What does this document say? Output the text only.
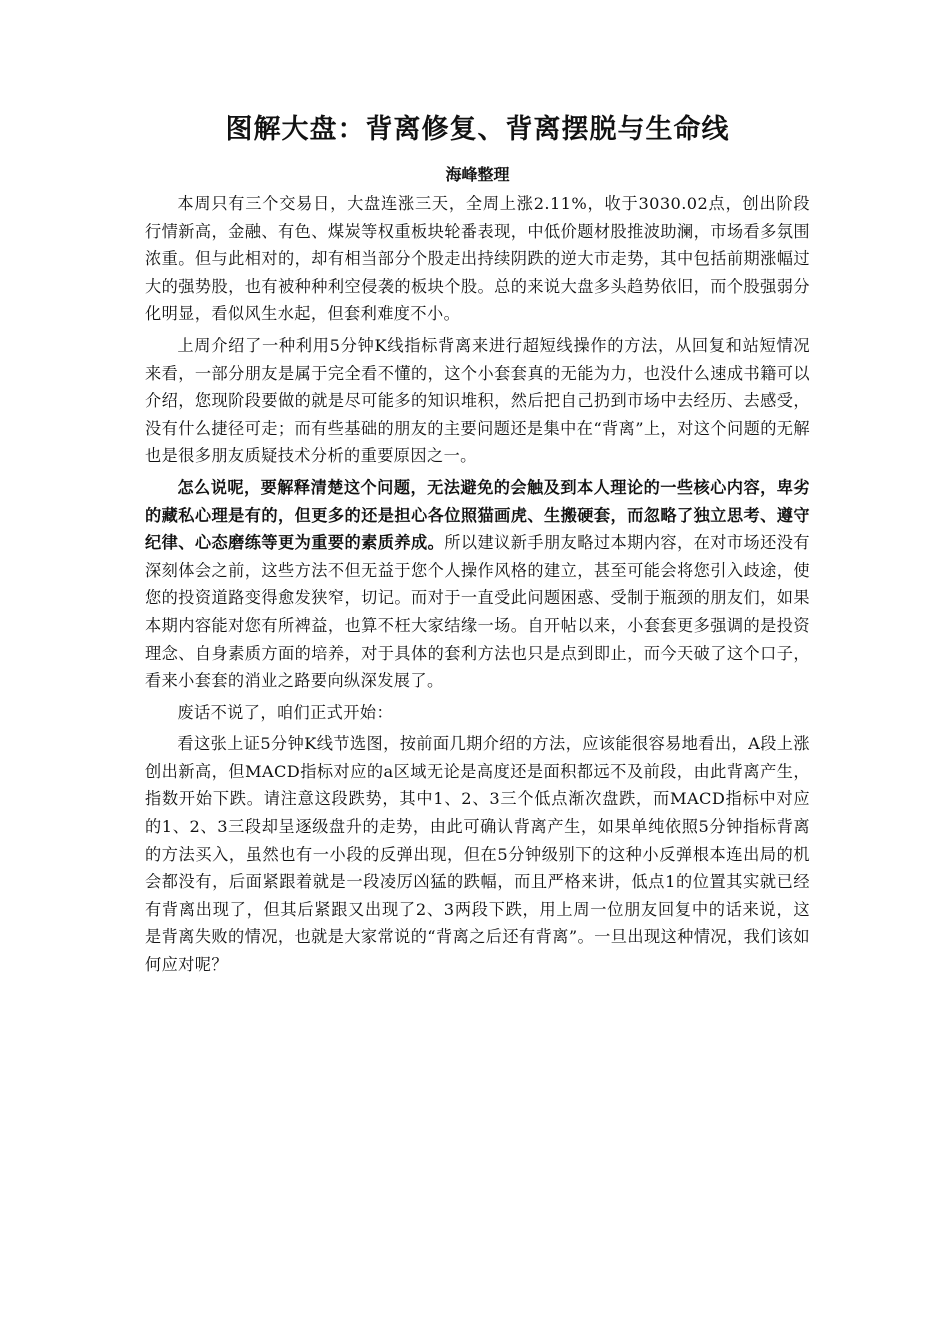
图解大盘：背离修复、背离摆脱与生命线
海峰整理

本周只有三个交易日，大盘连涨三天，全周上涨2.11%，收于3030.02点，创出阶段行情新高，金融、有色、煤炭等权重板块轮番表现，中低价题材股推波助澜，市场看多氛围浓重。但与此相对的，却有相当部分个股走出持续阴跌的逆大市走势，其中包括前期涨幅过大的强势股，也有被种种利空侵袭的板块个股。总的来说大盘多头趋势依旧，而个股强弱分化明显，看似风生水起，但套利难度不小。

上周介绍了一种利用5分钟K线指标背离来进行超短线操作的方法，从回复和站短情况来看，一部分朋友是属于完全看不懂的，这个小套套真的无能为力，也没什么速成书籍可以介绍，您现阶段要做的就是尽可能多的知识堆积，然后把自己扔到市场中去经历、去感受，没有什么捷径可走；而有些基础的朋友的主要问题还是集中在“背离”上，对这个问题的无解也是很多朋友质疑技术分析的重要原因之一。

怎么说呢，要解释清楚这个问题，无法避免的会触及到本人理论的一些核心内容，卑劣的藏私心理是有的，但更多的还是担心各位照猫画虎、生搬硬套，而忽略了独立思考、遵守纪律、心态磨练等更为重要的素质养成。所以建议新手朋友略过本期内容，在对市场还没有深刻体会之前，这些方法不但无益于您个人操作风格的建立，甚至可能会将您引入歧途，使您的投资道路变得愈发狭窄，切记。而对于一直受此问题困惑、受制于瓶颈的朋友们，如果本期内容能对您有所裨益，也算不枉大家结缘一场。自开帖以来，小套套更多强调的是投资理念、自身素质方面的培养，对于具体的套利方法也只是点到即止，而今天破了这个口子，看来小套套的消业之路要向纵深发展了。

废话不说了，咱们正式开始：

看这张上证5分钟K线节选图，按前面几期介绍的方法，应该能很容易地看出，A段上涨创出新高，但MACD指标对应的a区域无论是高度还是面积都远不及前段，由此背离产生，指数开始下跌。请注意这段跌势，其中1、2、3三个低点渐次盘跌，而MACD指标中对应的1、2、3三段却呈逐级盘升的走势，由此可确认背离产生，如果单纯依照5分钟指标背离的方法买入，虽然也有一小段的反弹出现，但在5分钟级别下的这种小反弹根本连出局的机会都没有，后面紧跟着就是一段凌厉凶猛的跌幅，而且严格来讲，低点1的位置其实就已经有背离出现了，但其后紧跟又出现了2、3两段下跌，用上周一位朋友回复中的话来说，这是背离失败的情况，也就是大家常说的“背离之后还有背离”。一旦出现这种情况，我们该如何应对呢？
